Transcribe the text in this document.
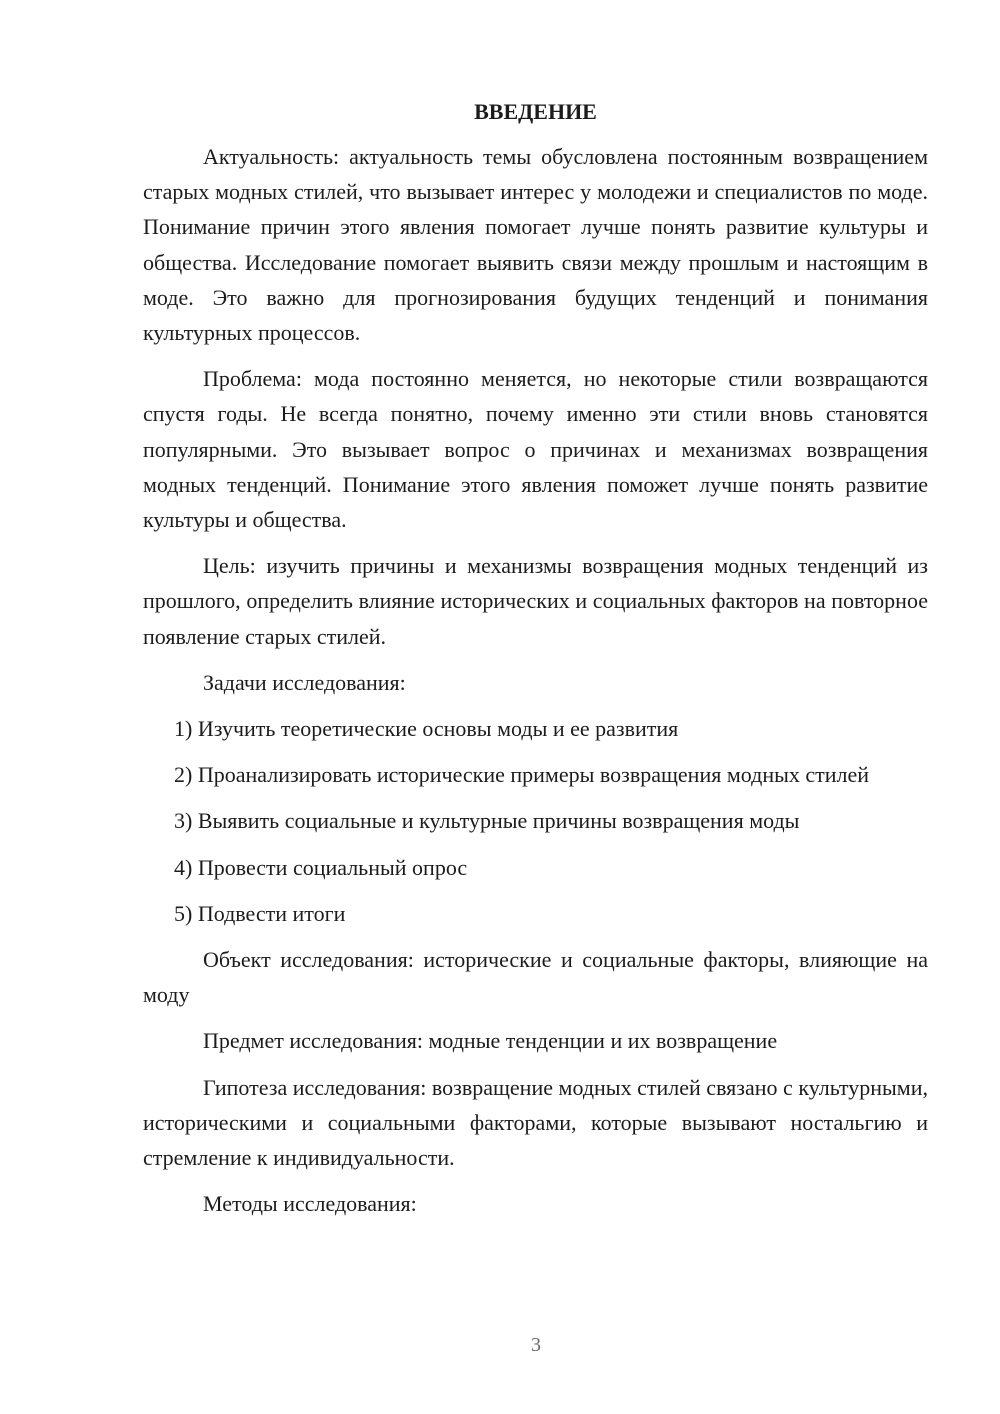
ВВЕДЕНИЕ

Актуальность: актуальность темы обусловлена постоянным возвращением старых модных стилей, что вызывает интерес у молодежи и специалистов по моде. Понимание причин этого явления помогает лучше понять развитие культуры и общества. Исследование помогает выявить связи между прошлым и настоящим в моде. Это важно для прогнозирования будущих тенденций и понимания культурных процессов.

Проблема: мода постоянно меняется, но некоторые стили возвращаются спустя годы. Не всегда понятно, почему именно эти стили вновь становятся популярными. Это вызывает вопрос о причинах и механизмах возвращения модных тенденций. Понимание этого явления поможет лучше понять развитие культуры и общества.

Цель: изучить причины и механизмы возвращения модных тенденций из прошлого, определить влияние исторических и социальных факторов на повторное появление старых стилей.

Задачи исследования:

1) Изучить теоретические основы моды и ее развития

2) Проанализировать исторические примеры возвращения модных стилей

3) Выявить социальные и культурные причины возвращения моды

4) Провести социальный опрос

5) Подвести итоги

Объект исследования: исторические и социальные факторы, влияющие на моду

Предмет исследования: модные тенденции и их возвращение

Гипотеза исследования: возвращение модных стилей связано с культурными, историческими и социальными факторами, которые вызывают ностальгию и стремление к индивидуальности.

Методы исследования:

3
